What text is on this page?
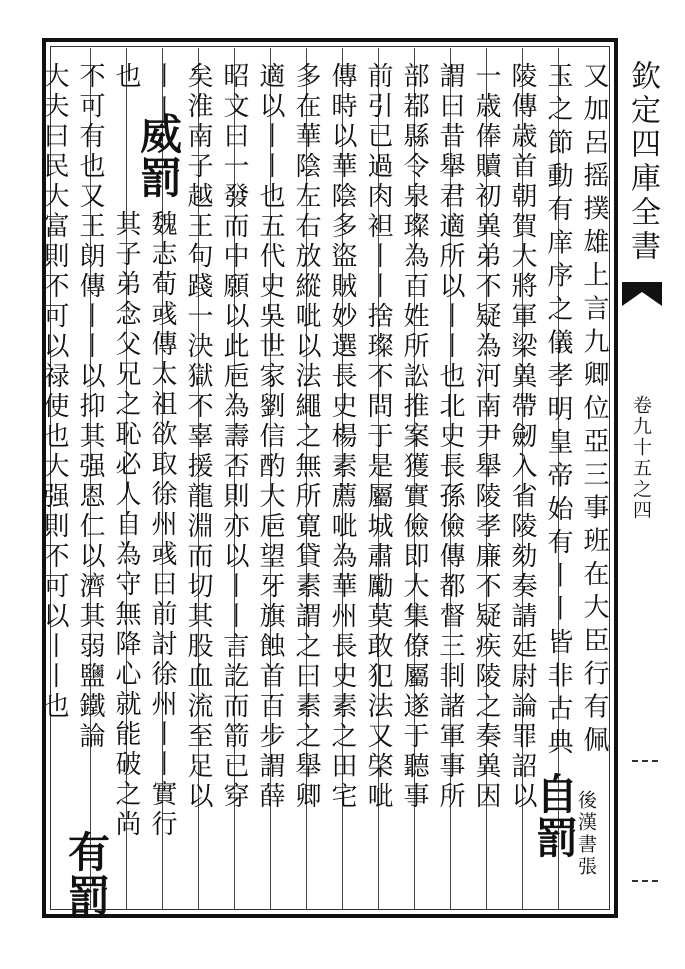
又加呂摇撲雄上言九卿位亞三事班在大臣行有佩
後漢書張
玉之節動有庠序之儀孝明皇帝始有丨丨皆非古典
自罰
陵傳歳首朝賀大將軍梁兾帶劒入省陵劾奏請廷尉論罪詔以
一歳俸贖初兾弟不疑為河南尹舉陵孝廉不疑疾陵之奏兾因
謂曰昔舉君適所以丨丨也北史長孫儉傳都督三剕諸軍事所
部鄀縣令泉璨為百姓所訟推案獲實儉即大集僚屬遂于聽事
前引已過肉袒丨丨捨璨不問于是屬城肅勵莫敢犯法又棨呲
傳時以華陰多盜賊妙選長史楊素薦呲為華州長史素之田宅
多在華陰左右放縱呲以法繩之無所寛貸素謂之曰素之舉卿
適以丨丨也五代史吳世家劉信酌大巵望牙旗蝕首百步謂薛
昭文曰一發而中願以此巵為壽否則亦以丨丨言訖而箭已穿
矣淮南子越王句踐一決獄不辜援龍淵而切其股血流至足以
丨丨
威罰
魏志荀彧傳太祖欲取徐州彧曰前討徐州丨丨實行
也
其子弟念父兄之恥必人自為守無降心就能破之尚
不可有也又王朗傳丨丨以抑其强恩仁以濟其弱鹽鐵論
大夫曰民大富則不可以禄使也大强則不可以丨丨也
有罰
欽定四庫全書
卷九十五之四
